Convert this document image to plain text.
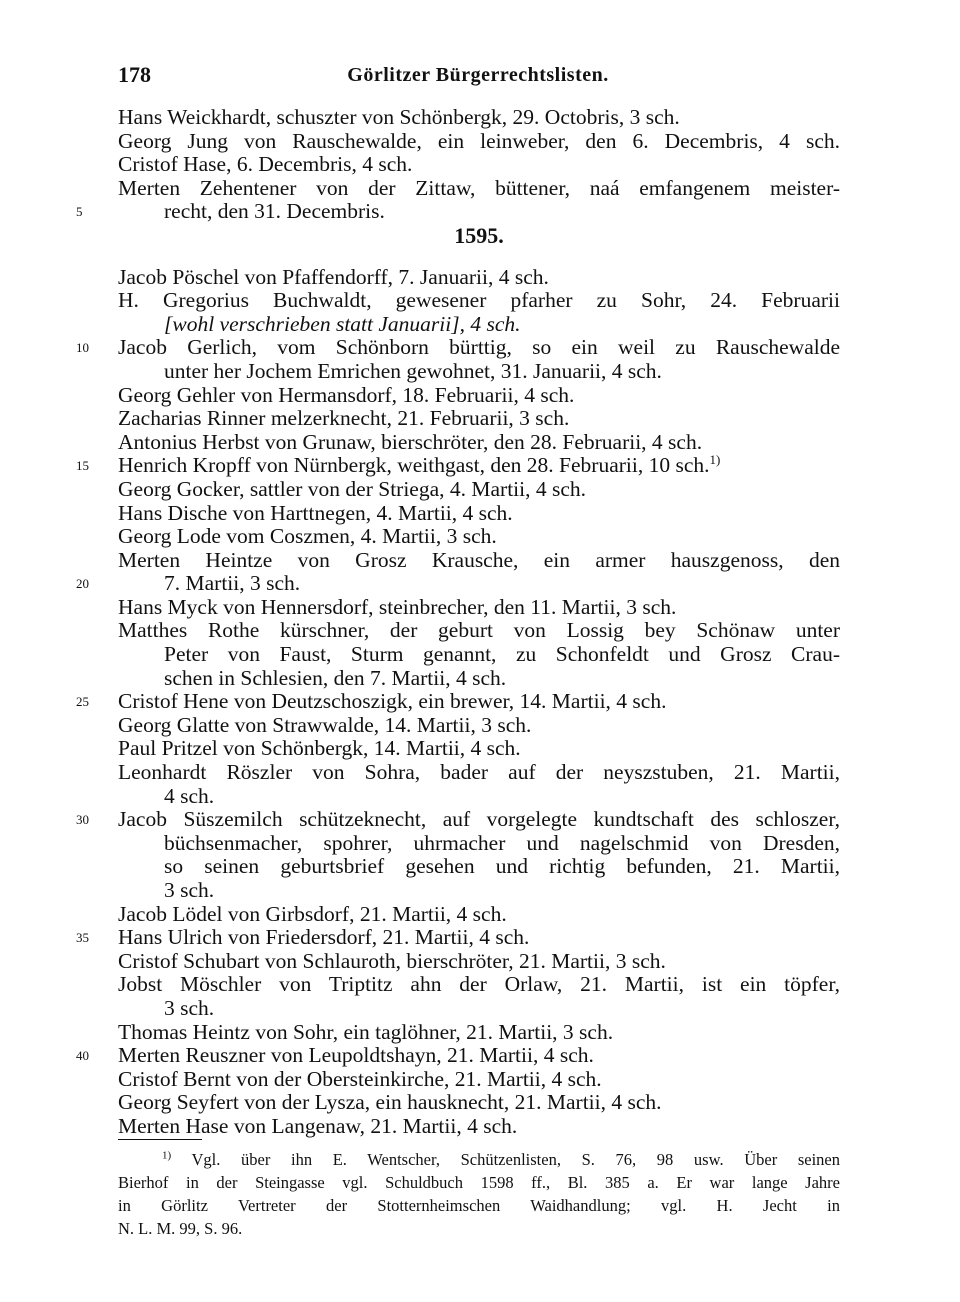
178	Görlitzer Bürgerrechtslisten.
Hans Weickhardt, schuszter von Schönbergk, 29. Octobris, 3 sch.
Georg Jung von Rauschewalde, ein leinweber, den 6. Decembris, 4 sch.
Cristof Hase, 6. Decembris, 4 sch.
Merten Zehentener von der Zittaw, büttener, naá emfangenem meister-
5	recht, den 31. Decembris.
1595.
Jacob Pöschel von Pfaffendorff, 7. Januarii, 4 sch.
H. Gregorius Buchwaldt, gewesener pfarher zu Sohr, 24. Februarii
[wohl verschrieben statt Januarii], 4 sch.
10	Jacob Gerlich, vom Schönborn bürttig, so ein weil zu Rauschewalde
unter her Jochem Emrichen gewohnet, 31. Januarii, 4 sch.
Georg Gehler von Hermansdorf, 18. Februarii, 4 sch.
Zacharias Rinner melzerknecht, 21. Februarii, 3 sch.
Antonius Herbst von Grunaw, bierschröter, den 28. Februarii, 4 sch.
15	Henrich Kropff von Nürnbergk, weithgast, den 28. Februarii, 10 sch.$^{1)}$
Georg Gocker, sattler von der Striega, 4. Martii, 4 sch.
Hans Dische von Harttnegen, 4. Martii, 4 sch.
Georg Lode vom Coszmen, 4. Martii, 3 sch.
Merten Heintze von Grosz Krausche, ein armer hauszgenoss, den
20	7. Martii, 3 sch.
Hans Myck von Hennersdorf, steinbrecher, den 11. Martii, 3 sch.
Matthes Rothe kürschner, der geburt von Lossig bey Schönaw unter
Peter von Faust, Sturm genannt, zu Schonfeldt und Grosz Crau-
schen in Schlesien, den 7. Martii, 4 sch.
25	Cristof Hene von Deutzschoszigk, ein brewer, 14. Martii, 4 sch.
Georg Glatte von Strawwalde, 14. Martii, 3 sch.
Paul Pritzel von Schönbergk, 14. Martii, 4 sch.
Leonhardt Röszler von Sohra, bader auf der neyszstuben, 21. Martii,
4 sch.
30	Jacob Süszemilch schützeknecht, auf vorgelegte kundtschaft des schloszer,
büchsenmacher, spohrer, uhrmacher und nagelschmid von Dresden,
so seinen geburtsbrief gesehen und richtig befunden, 21. Martii,
3 sch.
Jacob Lödel von Girbsdorf, 21. Martii, 4 sch.
35	Hans Ulrich von Friedersdorf, 21. Martii, 4 sch.
Cristof Schubart von Schlauroth, bierschröter, 21. Martii, 3 sch.
Jobst Möschler von Triptitz ahn der Orlaw, 21. Martii, ist ein töpfer,
3 sch.
Thomas Heintz von Sohr, ein taglöhner, 21. Martii, 3 sch.
40	Merten Reuszner von Leupoldtshayn, 21. Martii, 4 sch.
Cristof Bernt von der Obersteinkirche, 21. Martii, 4 sch.
Georg Seyfert von der Lysza, ein hausknecht, 21. Martii, 4 sch.
Merten Hase von Langenaw, 21. Martii, 4 sch.
$^{1)}$ Vgl. über ihn E. Wentscher, Schützenlisten, S. 76, 98 usw. Über seinen
Bierhof in der Steingasse vgl. Schuldbuch 1598 ff., Bl. 385 a. Er war lange Jahre
in Görlitz Vertreter der Stotternheimschen Waidhandlung; vgl. H. Jecht in
N. L. M. 99, S. 96.
